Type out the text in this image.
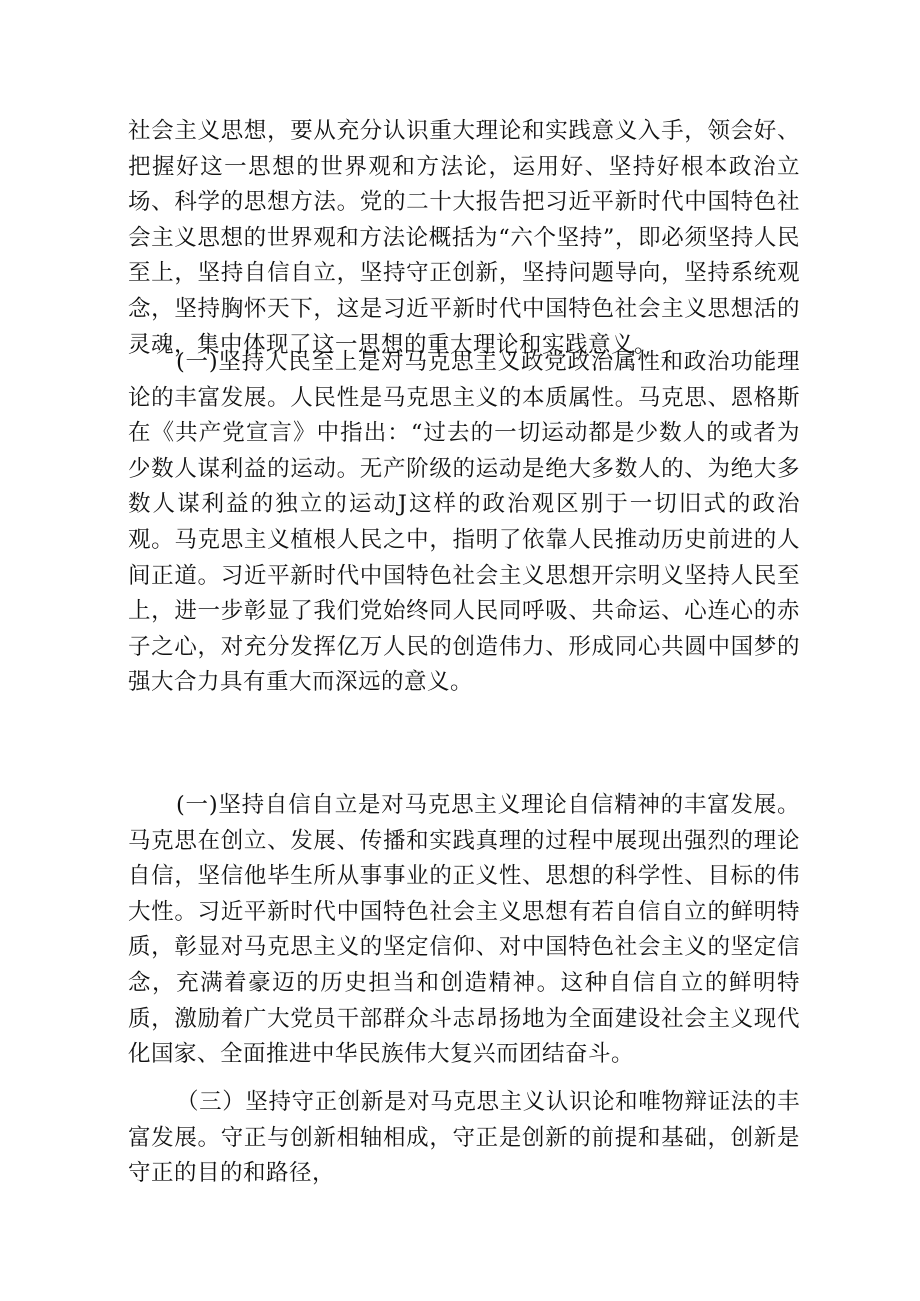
社会主义思想，要从充分认识重大理论和实践意义入手，领会好、把握好这一思想的世界观和方法论，运用好、坚持好根本政治立场、科学的思想方法。党的二十大报告把习近平新时代中国特色社会主义思想的世界观和方法论概括为“六个坚持”，即必须坚持人民至上，坚持自信自立，坚持守正创新，坚持问题导向，坚持系统观念，坚持胸怀天下，这是习近平新时代中国特色社会主义思想活的灵魂，集中体现了这一思想的重大理论和实践意义。

(一)坚持人民至上是对马克思主义政党政治属性和政治功能理论的丰富发展。人民性是马克思主义的本质属性。马克思、恩格斯在《共产党宣言》中指出：“过去的一切运动都是少数人的或者为少数人谋利益的运动。无产阶级的运动是绝大多数人的、为绝大多数人谋利益的独立的运动J这样的政治观区别于一切旧式的政治观。马克思主义植根人民之中，指明了依靠人民推动历史前进的人间正道。习近平新时代中国特色社会主义思想开宗明义坚持人民至上，进一步彰显了我们党始终同人民同呼吸、共命运、心连心的赤子之心，对充分发挥亿万人民的创造伟力、形成同心共圆中国梦的强大合力具有重大而深远的意义。

(一)坚持自信自立是对马克思主义理论自信精神的丰富发展。马克思在创立、发展、传播和实践真理的过程中展现出强烈的理论自信，坚信他毕生所从事事业的正义性、思想的科学性、目标的伟大性。习近平新时代中国特色社会主义思想有若自信自立的鲜明特质，彰显对马克思主义的坚定信仰、对中国特色社会主义的坚定信念，充满着豪迈的历史担当和创造精神。这种自信自立的鲜明特质，激励着广大党员干部群众斗志昂扬地为全面建设社会主义现代化国家、全面推进中华民族伟大复兴而团结奋斗。

（三）坚持守正创新是对马克思主义认识论和唯物辩证法的丰富发展。守正与创新相轴相成，守正是创新的前提和基础，创新是守正的目的和路径，
